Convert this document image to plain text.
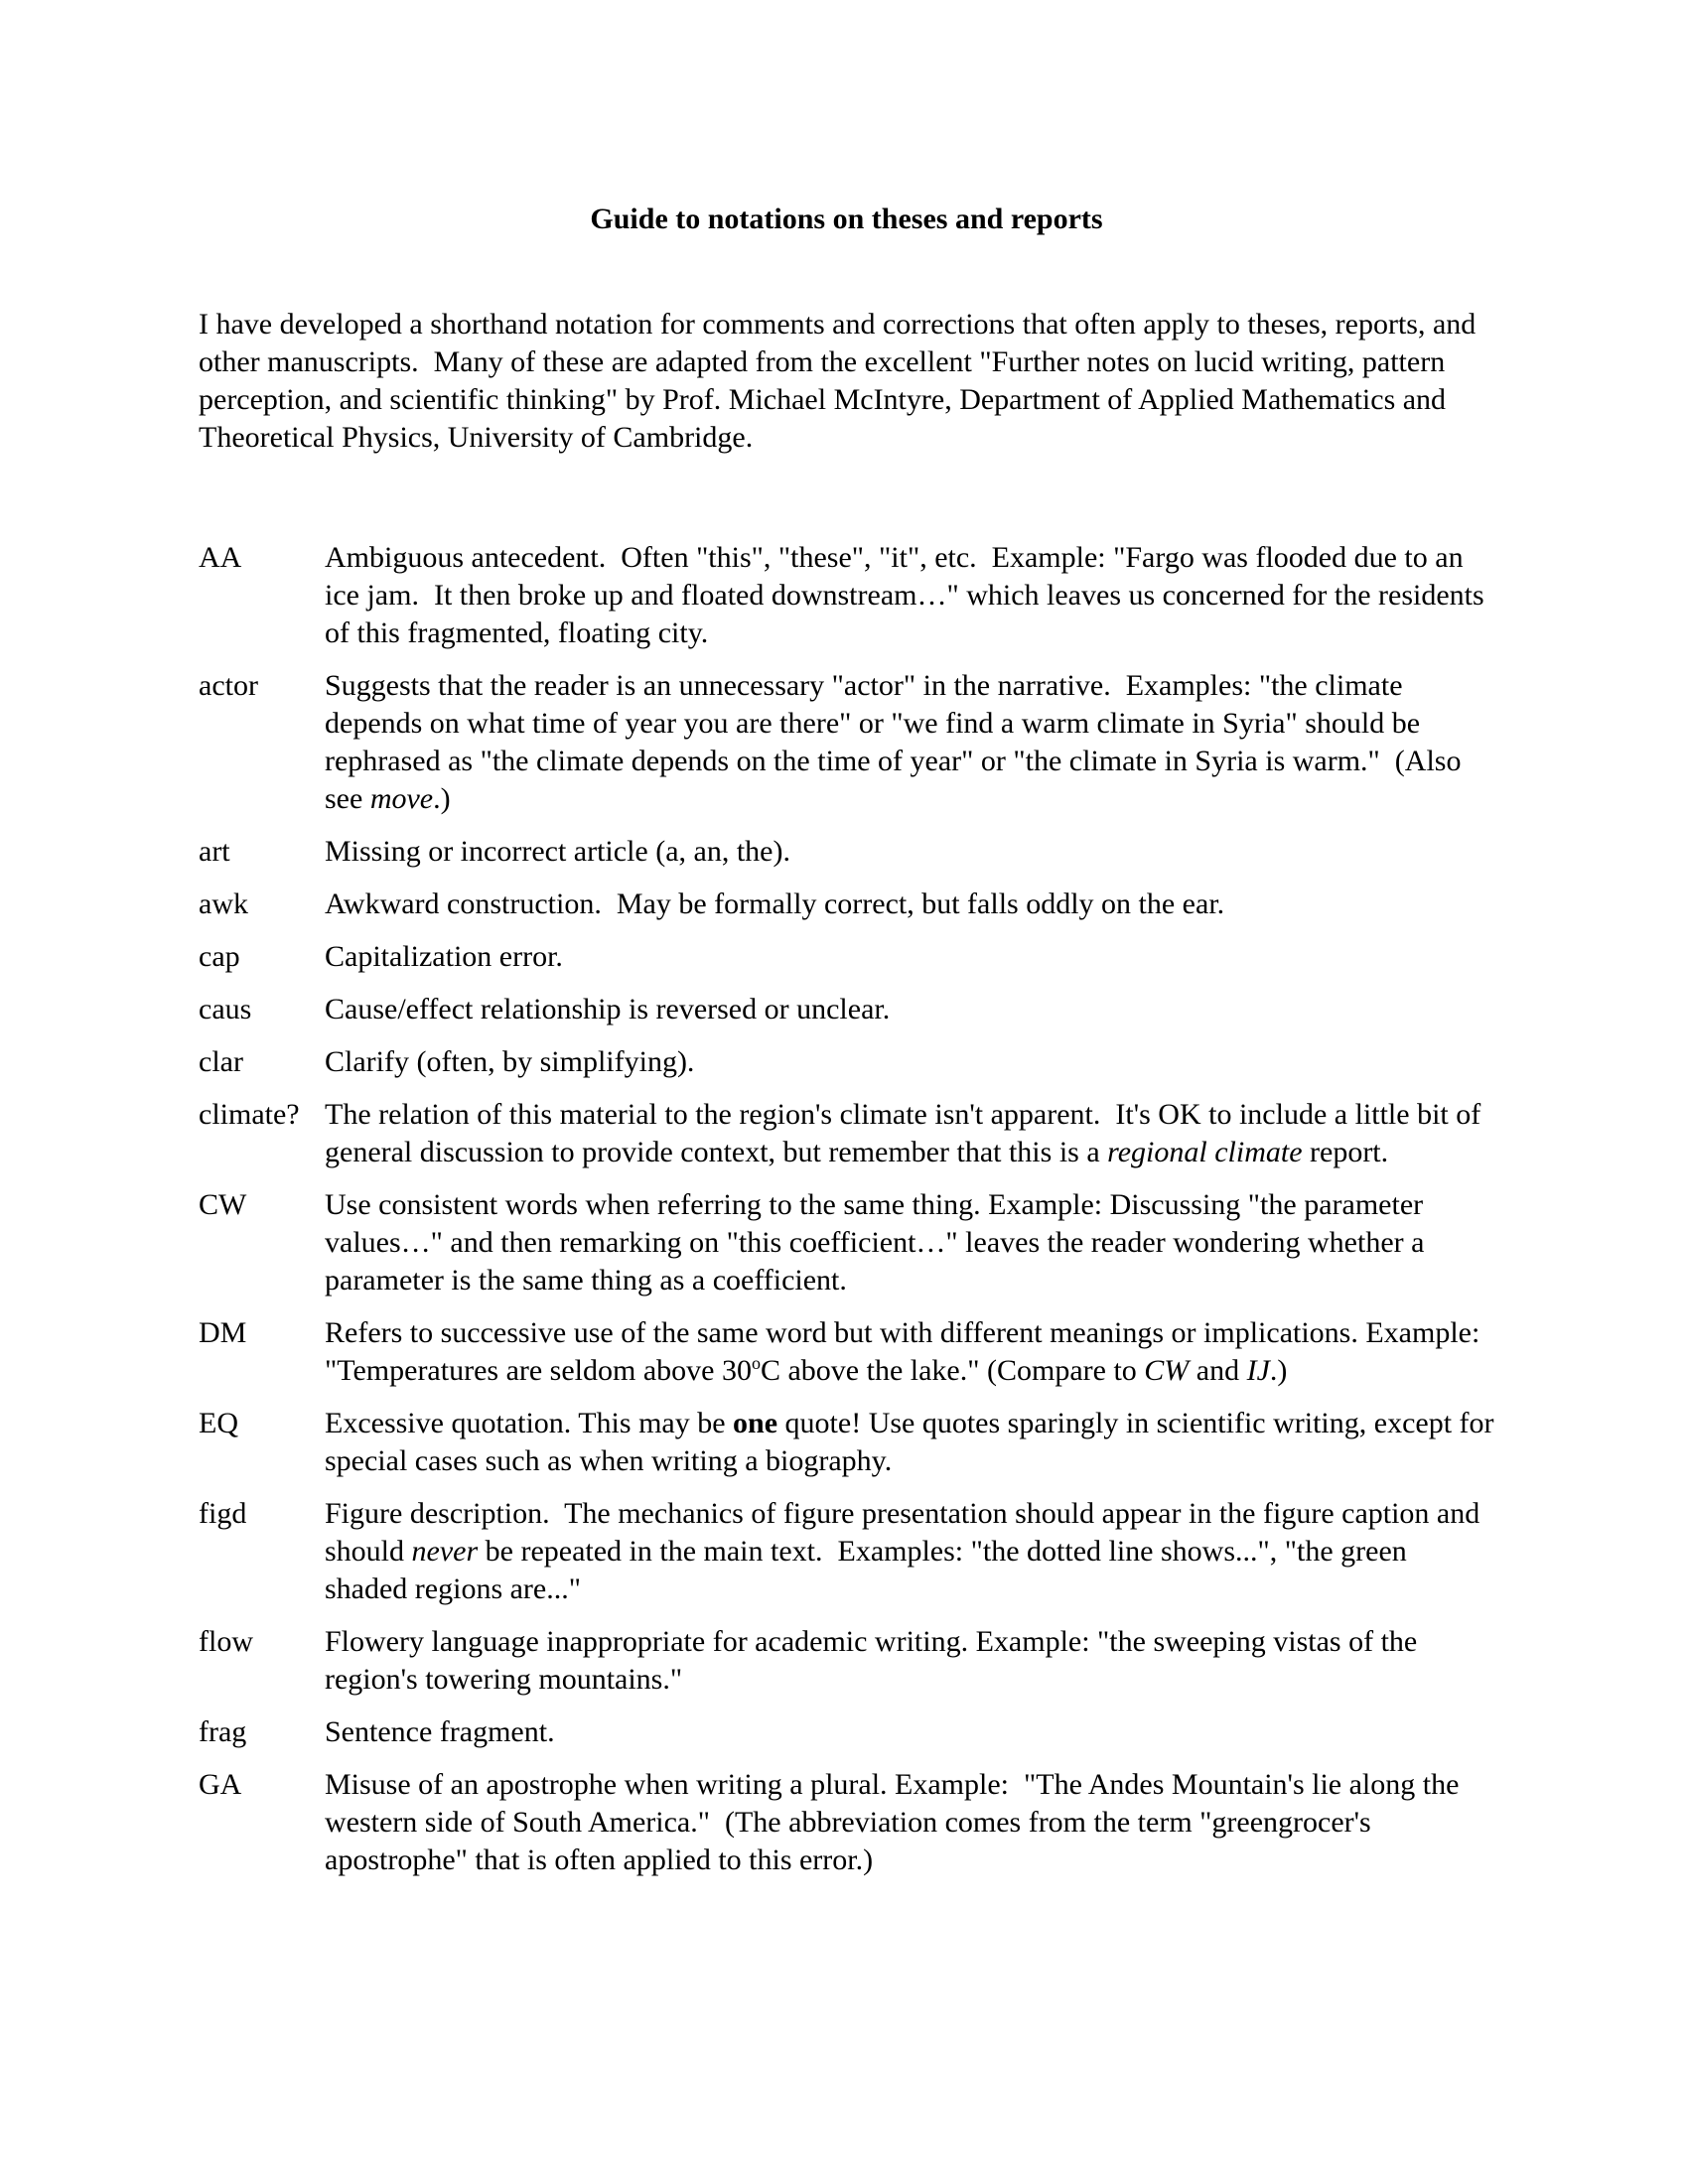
Guide to notations on theses and reports

I have developed a shorthand notation for comments and corrections that often apply to theses, reports, and other manuscripts.  Many of these are adapted from the excellent "Further notes on lucid writing, pattern perception, and scientific thinking" by Prof. Michael McIntyre, Department of Applied Mathematics and Theoretical Physics, University of Cambridge.

AA	Ambiguous antecedent.  Often "this", "these", "it", etc.  Example: "Fargo was flooded due to an ice jam.  It then broke up and floated downstream…" which leaves us concerned for the residents of this fragmented, floating city.
actor	Suggests that the reader is an unnecessary "actor" in the narrative.  Examples: "the climate depends on what time of year you are there" or "we find a warm climate in Syria" should be rephrased as "the climate depends on the time of year" or "the climate in Syria is warm."  (Also see move.)
art	Missing or incorrect article (a, an, the).
awk	Awkward construction.  May be formally correct, but falls oddly on the ear.
cap	Capitalization error.
caus	Cause/effect relationship is reversed or unclear.
clar	Clarify (often, by simplifying).
climate? The relation of this material to the region's climate isn't apparent.  It's OK to include a little bit of general discussion to provide context, but remember that this is a regional climate report.
CW	Use consistent words when referring to the same thing. Example: Discussing "the parameter values…" and then remarking on "this coefficient…" leaves the reader wondering whether a parameter is the same thing as a coefficient.
DM	Refers to successive use of the same word but with different meanings or implications. Example: "Temperatures are seldom above 30$^o$C above the lake." (Compare to CW and IJ.)
EQ	Excessive quotation. This may be one quote! Use quotes sparingly in scientific writing, except for special cases such as when writing a biography.
figd	Figure description.  The mechanics of figure presentation should appear in the figure caption and should never be repeated in the main text.  Examples: "the dotted line shows...", "the green shaded regions are..."
flow	Flowery language inappropriate for academic writing. Example: "the sweeping vistas of the region's towering mountains."
frag	Sentence fragment.
GA	Misuse of an apostrophe when writing a plural. Example:  "The Andes Mountain's lie along the western side of South America."  (The abbreviation comes from the term "greengrocer's apostrophe" that is often applied to this error.)
